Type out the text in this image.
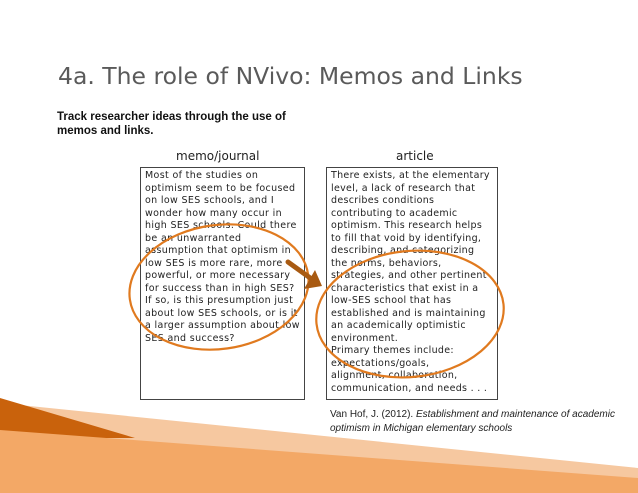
4a. The role of NVivo: Memos and Links
Track researcher ideas through the use of memos and links.
memo/journal	article
Most of the studies on
optimism seem to be focused
on low SES schools, and I
wonder how many occur in
high SES schools. Could there
be an unwarranted
assumption that optimism in
low SES is more rare, more
powerful, or more necessary
for success than in high SES?
If so, is this presumption just
about low SES schools, or is it
a larger assumption about low
SES and success?
There exists, at the elementary
level, a lack of research that
describes conditions
contributing to academic
optimism. This research helps
to fill that void by identifying,
describing, and categorizing
the norms, behaviors,
strategies, and other pertinent
characteristics that exist in a
low-SES school that has
established and is maintaining
an academically optimistic
environment.
Primary themes include:
expectations/goals,
alignment, collaboration,
communication, and needs . . .
Van Hof, J. (2012). Establishment and maintenance of academic optimism in Michigan elementary schools
